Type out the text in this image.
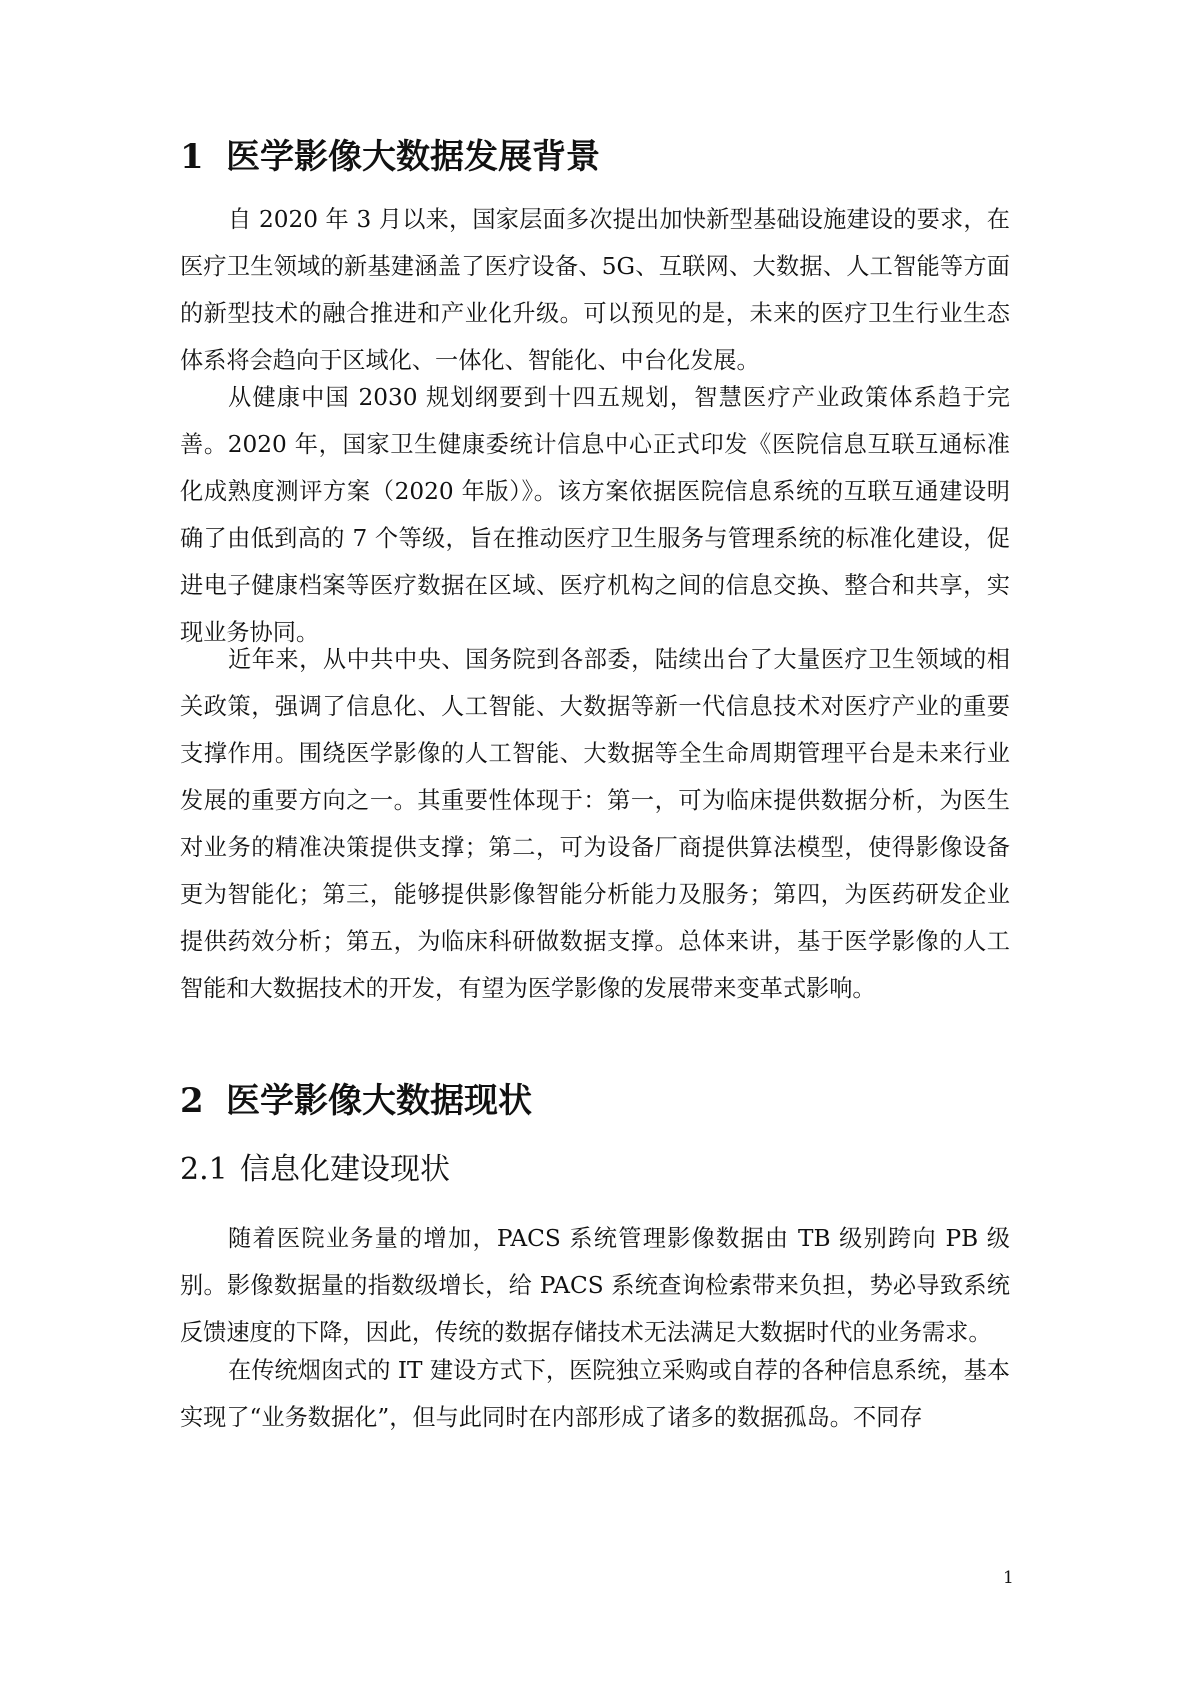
1 医学影像大数据发展背景

自 2020 年 3 月以来，国家层面多次提出加快新型基础设施建设的要求，在医疗卫生领域的新基建涵盖了医疗设备、5G、互联网、大数据、人工智能等方面的新型技术的融合推进和产业化升级。可以预见的是，未来的医疗卫生行业生态体系将会趋向于区域化、一体化、智能化、中台化发展。

从健康中国 2030 规划纲要到十四五规划，智慧医疗产业政策体系趋于完善。2020 年，国家卫生健康委统计信息中心正式印发《医院信息互联互通标准化成熟度测评方案（2020 年版）》。该方案依据医院信息系统的互联互通建设明确了由低到高的 7 个等级，旨在推动医疗卫生服务与管理系统的标准化建设，促进电子健康档案等医疗数据在区域、医疗机构之间的信息交换、整合和共享，实现业务协同。

近年来，从中共中央、国务院到各部委，陆续出台了大量医疗卫生领域的相关政策，强调了信息化、人工智能、大数据等新一代信息技术对医疗产业的重要支撑作用。围绕医学影像的人工智能、大数据等全生命周期管理平台是未来行业发展的重要方向之一。其重要性体现于：第一，可为临床提供数据分析，为医生对业务的精准决策提供支撑；第二，可为设备厂商提供算法模型，使得影像设备更为智能化；第三，能够提供影像智能分析能力及服务；第四，为医药研发企业提供药效分析；第五，为临床科研做数据支撑。总体来讲，基于医学影像的人工智能和大数据技术的开发，有望为医学影像的发展带来变革式影响。

2 医学影像大数据现状
2.1 信息化建设现状

随着医院业务量的增加，PACS 系统管理影像数据由 TB 级别跨向 PB 级别。影像数据量的指数级增长，给 PACS 系统查询检索带来负担，势必导致系统反馈速度的下降，因此，传统的数据存储技术无法满足大数据时代的业务需求。

在传统烟囱式的 IT 建设方式下，医院独立采购或自荐的各种信息系统，基本实现了“业务数据化”，但与此同时在内部形成了诸多的数据孤岛。不同存

1
